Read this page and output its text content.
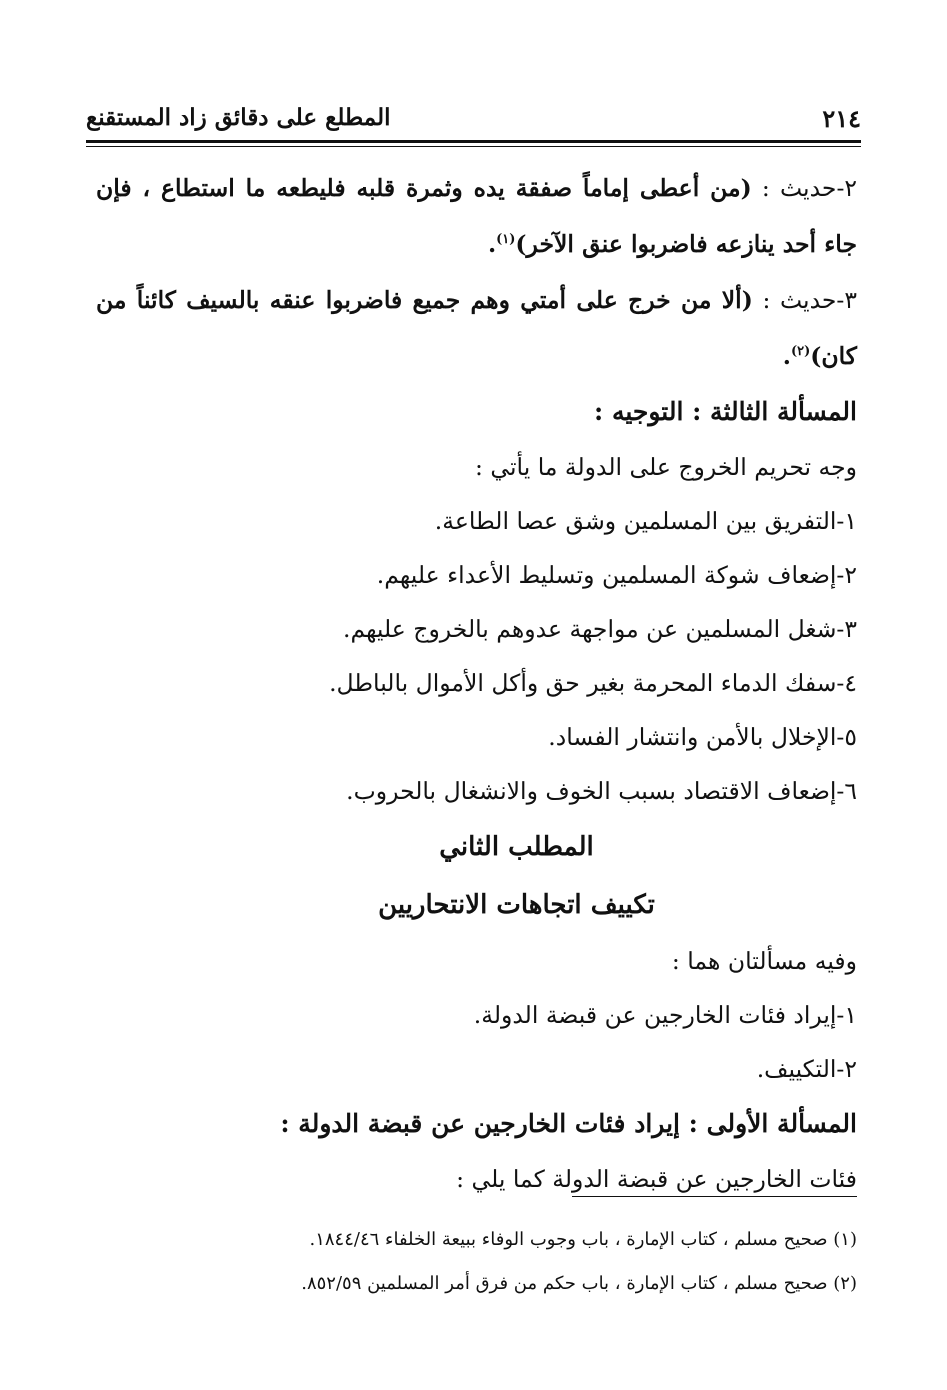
٢١٤
المطلع على دقائق زاد المستقنع

٢-حديث : (من أعطى إماماً صفقة يده وثمرة قلبه فليطعه ما استطاع ، فإن جاء أحد ينازعه فاضربوا عنق الآخر)$^{(١)}$.

٣-حديث : (ألا من خرج على أمتي وهم جميع فاضربوا عنقه بالسيف كائناً من كان)$^{(٢)}$.

المسألة الثالثة : التوجيه :

وجه تحريم الخروج على الدولة ما يأتي :

١-التفريق بين المسلمين وشق عصا الطاعة.

٢-إضعاف شوكة المسلمين وتسليط الأعداء عليهم.

٣-شغل المسلمين عن مواجهة عدوهم بالخروج عليهم.

٤-سفك الدماء المحرمة بغير حق وأكل الأموال بالباطل.

٥-الإخلال بالأمن وانتشار الفساد.

٦-إضعاف الاقتصاد بسبب الخوف والانشغال بالحروب.

المطلب الثاني

تكييف اتجاهات الانتحاريين

وفيه مسألتان هما :

١-إيراد فئات الخارجين عن قبضة الدولة.

٢-التكييف.

المسألة الأولى : إيراد فئات الخارجين عن قبضة الدولة :

فئات الخارجين عن قبضة الدولة كما يلي :

(١) صحيح مسلم ، كتاب الإمارة ، باب وجوب الوفاء ببيعة الخلفاء ١٨٤٤/٤٦.

(٢) صحيح مسلم ، كتاب الإمارة ، باب حكم من فرق أمر المسلمين ٨٥٢/٥٩.
